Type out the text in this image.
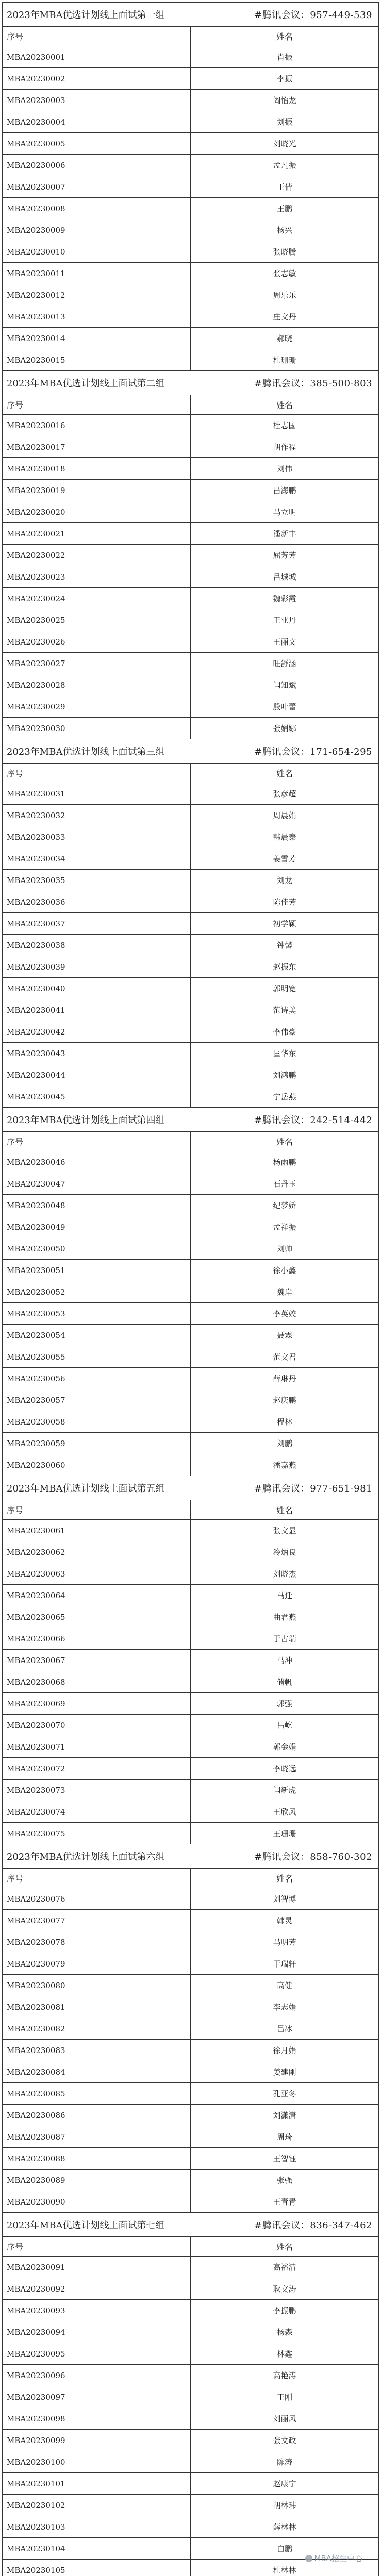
2023年MBA优选计划线上面试第一组 #腾讯会议：957-449-539	

序号	姓名
MBA20230001	肖振
MBA20230002	李振
MBA20230003	阎怡龙
MBA20230004	刘振
MBA20230005	刘晓光
MBA20230006	孟凡振
MBA20230007	王倩
MBA20230008	王鹏
MBA20230009	杨兴
MBA20230010	张晓腾
MBA20230011	张志敏
MBA20230012	周乐乐
MBA20230013	庄文丹
MBA20230014	郝晓
MBA20230015	杜珊珊
2023年MBA优选计划线上面试第二组 #腾讯会议：385-500-803	

序号	姓名
MBA20230016	杜志国
MBA20230017	胡作程
MBA20230018	刘伟
MBA20230019	吕海鹏
MBA20230020	马立明
MBA20230021	潘新丰
MBA20230022	屈芳芳
MBA20230023	吕城城
MBA20230024	魏彩霞
MBA20230025	王亚丹
MBA20230026	王丽文
MBA20230027	旺舒涵
MBA20230028	闫知斌
MBA20230029	殷叶蕾
MBA20230030	张娟娜
2023年MBA优选计划线上面试第三组 #腾讯会议：171-654-295	

序号	姓名
MBA20230031	张彦超
MBA20230032	周晨娟
MBA20230033	韩晨泰
MBA20230034	姜雪芳
MBA20230035	刘龙
MBA20230036	陈佳芳
MBA20230037	初学颖
MBA20230038	钟馨
MBA20230039	赵振东
MBA20230040	郭明宽
MBA20230041	范诗美
MBA20230042	李伟豪
MBA20230043	匡华东
MBA20230044	刘鸿鹏
MBA20230045	宁岳燕
2023年MBA优选计划线上面试第四组 #腾讯会议：242-514-442	

序号	姓名
MBA20230046	杨雨鹏
MBA20230047	石丹玉
MBA20230048	纪梦娇
MBA20230049	孟祥振
MBA20230050	刘帅
MBA20230051	徐小鑫
MBA20230052	魏岸
MBA20230053	李英姣
MBA20230054	聂霖
MBA20230055	范文君
MBA20230056	薛琳丹
MBA20230057	赵庆鹏
MBA20230058	程林
MBA20230059	刘鹏
MBA20230060	潘嘉燕
2023年MBA优选计划线上面试第五组 #腾讯会议：977-651-981	

序号	姓名
MBA20230061	张文显
MBA20230062	冷炳良
MBA20230063	刘晓杰
MBA20230064	马迁
MBA20230065	曲君燕
MBA20230066	于古瑞
MBA20230067	马冲
MBA20230068	储帆
MBA20230069	郭强
MBA20230070	吕屹
MBA20230071	郭金娟
MBA20230072	李晓远
MBA20230073	闫新虎
MBA20230074	王欣风
MBA20230075	王珊珊
2023年MBA优选计划线上面试第六组 #腾讯会议：858-760-302	

序号	姓名
MBA20230076	刘智博
MBA20230077	韩灵
MBA20230078	马明芳
MBA20230079	于瑞轩
MBA20230080	高健
MBA20230081	李志娟
MBA20230082	吕冰
MBA20230083	徐月娟
MBA20230084	姜建刚
MBA20230085	孔亚冬
MBA20230086	刘潇潇
MBA20230087	周琦
MBA20230088	王智钰
MBA20230089	张强
MBA20230090	王青青
2023年MBA优选计划线上面试第七组 #腾讯会议：836-347-462	

序号	姓名
MBA20230091	高裕清
MBA20230092	耿文涛
MBA20230093	李振鹏
MBA20230094	杨森
MBA20230095	林鑫
MBA20230096	高艳涛
MBA20230097	王刚
MBA20230098	刘丽风
MBA20230099	张文政
MBA20230100	陈涛
MBA20230101	赵康宁
MBA20230102	胡林玮
MBA20230103	薛林林
MBA20230104	白鹏
MBA20230105	杜林林
MBA招生中心
